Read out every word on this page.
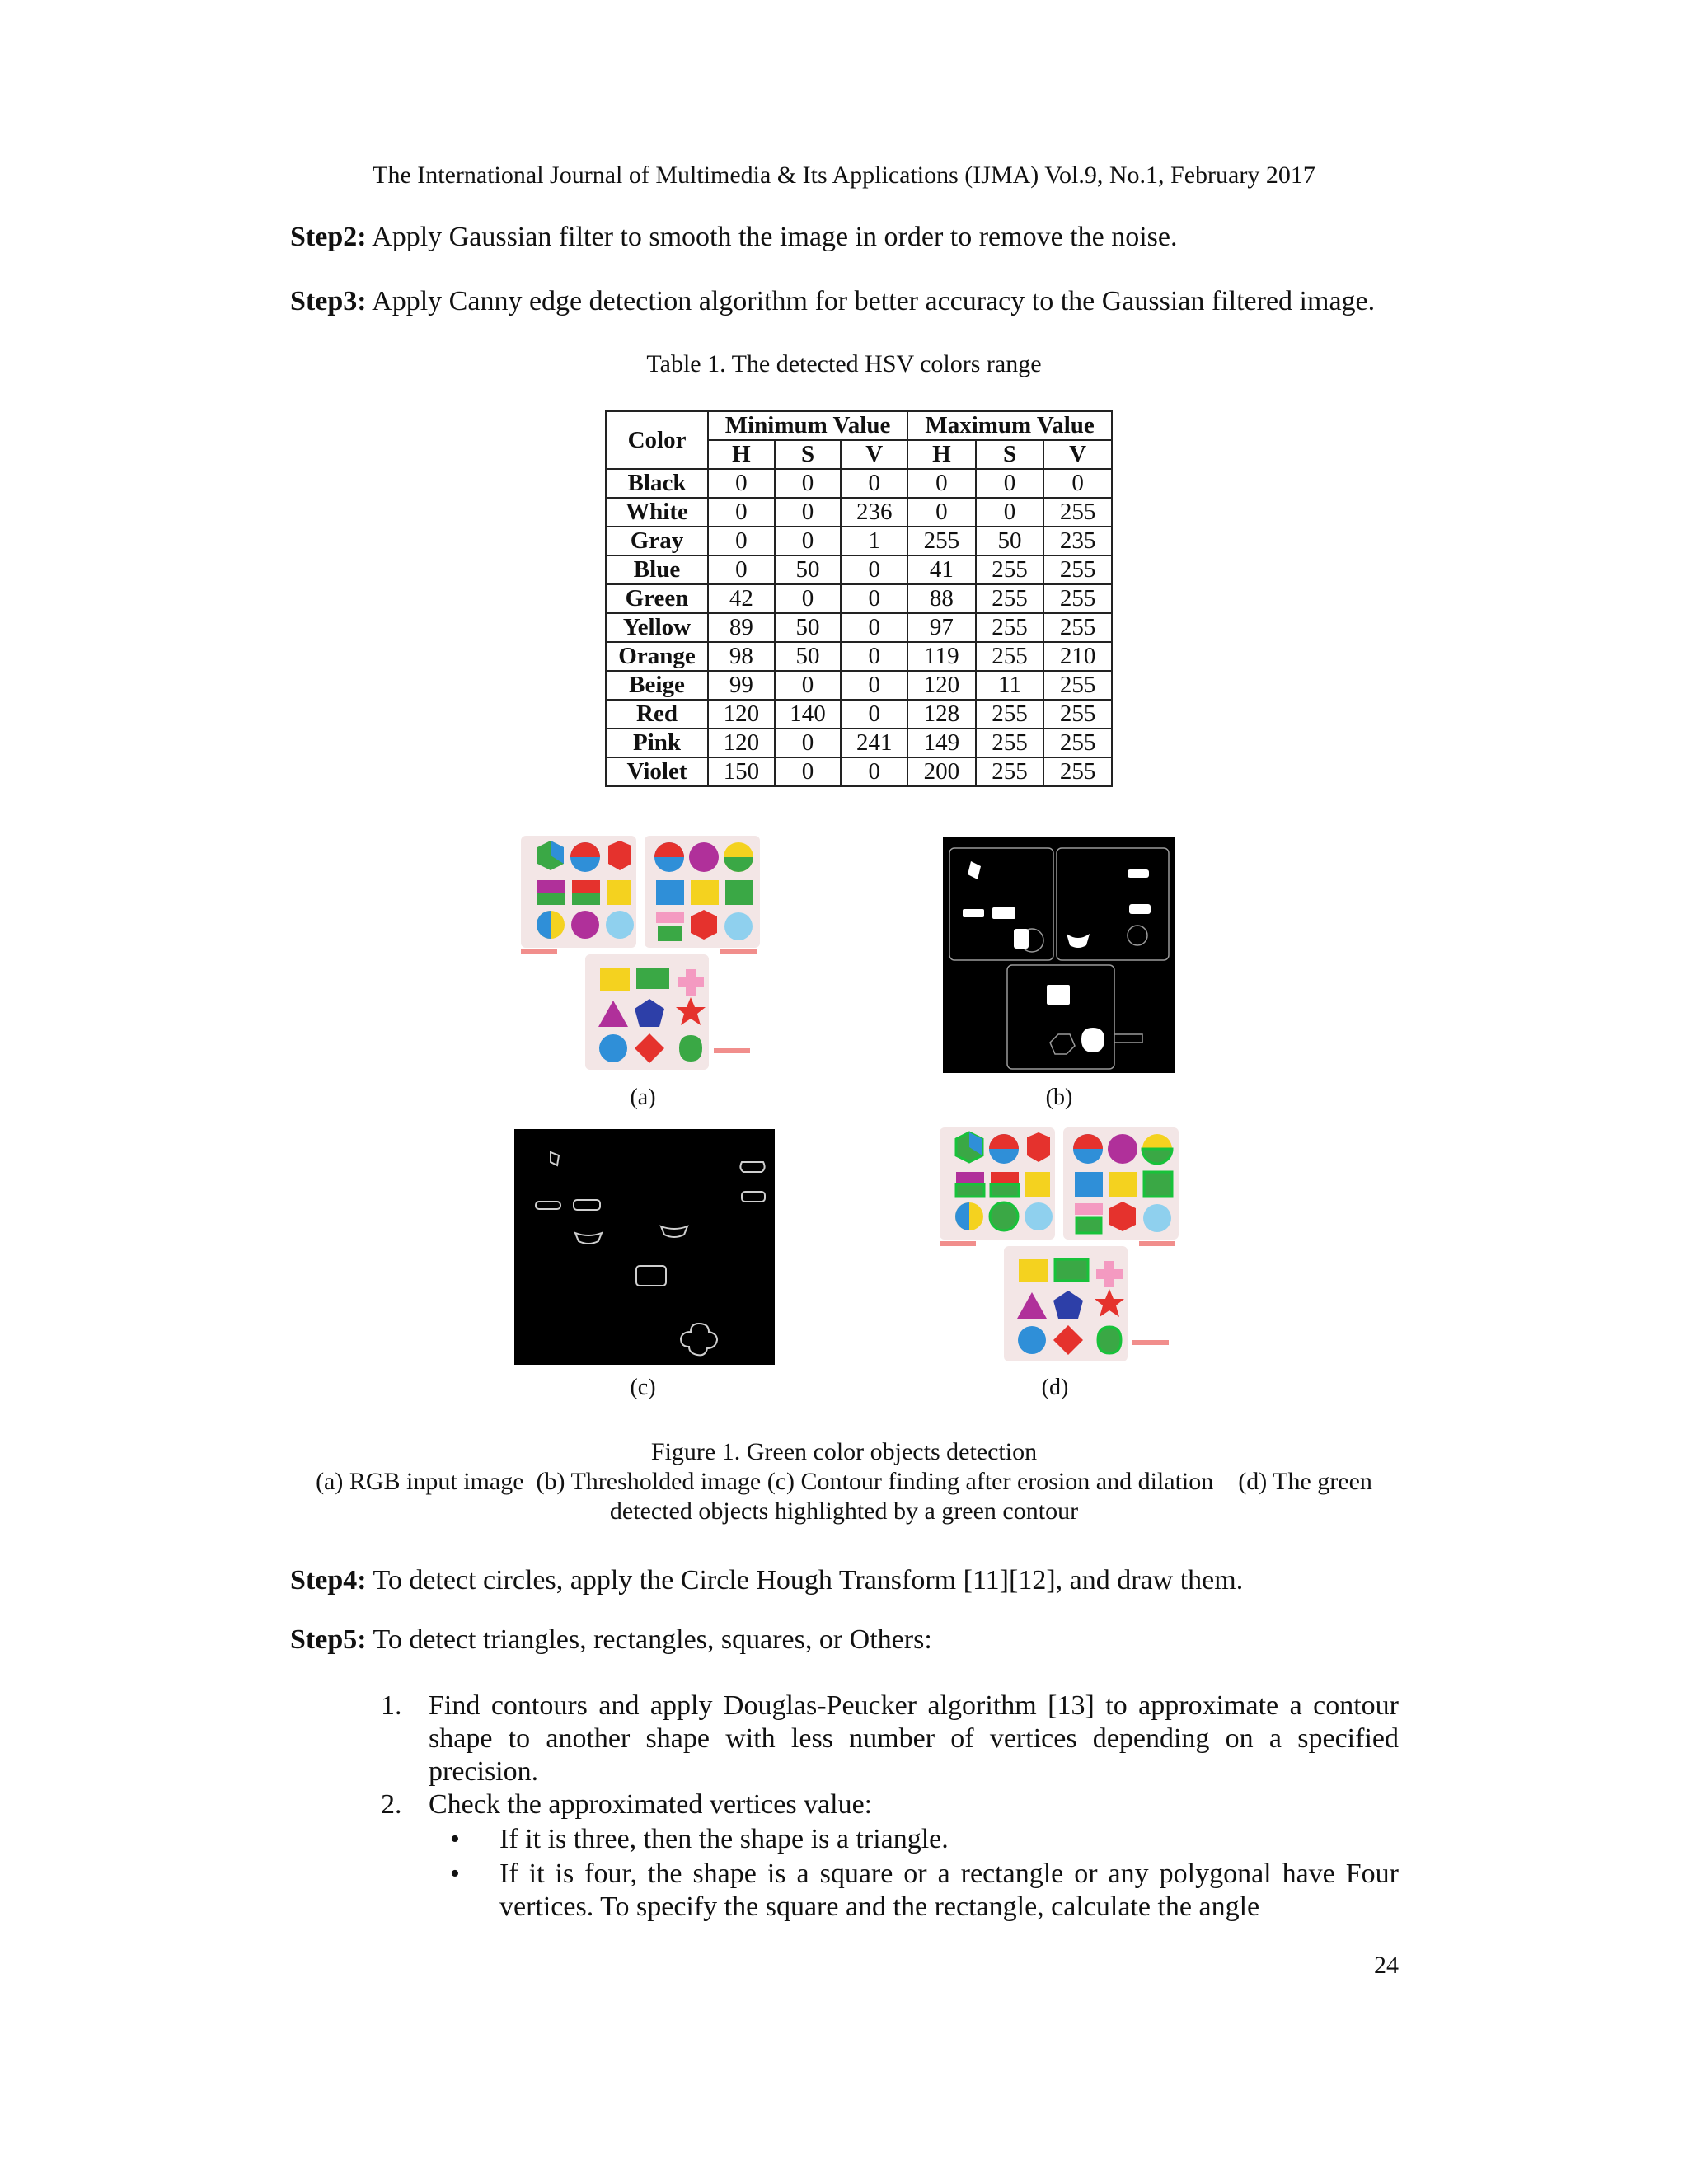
The International Journal of Multimedia & Its Applications (IJMA) Vol.9, No.1, February 2017
Step2: Apply Gaussian filter to smooth the image in order to remove the noise.
Step3: Apply Canny edge detection algorithm for better accuracy to the Gaussian filtered image.
Table 1. The detected HSV colors range
Color	Minimum Value			Maximum Value		
	H	S	V	H	S	V
Black	0	0	0	0	0	0
White	0	0	236	0	0	255
Gray	0	0	1	255	50	235
Blue	0	50	0	41	255	255
Green	42	0	0	88	255	255
Yellow	89	50	0	97	255	255
Orange	98	50	0	119	255	210
Beige	99	0	0	120	11	255
Red	120	140	0	128	255	255
Pink	120	0	241	149	255	255
Violet	150	0	0	200	255	255
(a)	(b)
(c)	(d)
Figure 1. Green color objects detection
(a) RGB input image  (b) Thresholded image (c) Contour finding after erosion and dilation    (d) The green
detected objects highlighted by a green contour
Step4: To detect circles, apply the Circle Hough Transform [11][12], and draw them.
Step5: To detect triangles, rectangles, squares, or Others:
1. Find contours and apply Douglas-Peucker algorithm [13] to approximate a contour shape to another shape with less number of vertices depending on a specified precision.
2. Check the approximated vertices value:
• If it is three, then the shape is a triangle.
• If it is four, the shape is a square or a rectangle or any polygonal have Four vertices. To specify the square and the rectangle, calculate the angle
24
